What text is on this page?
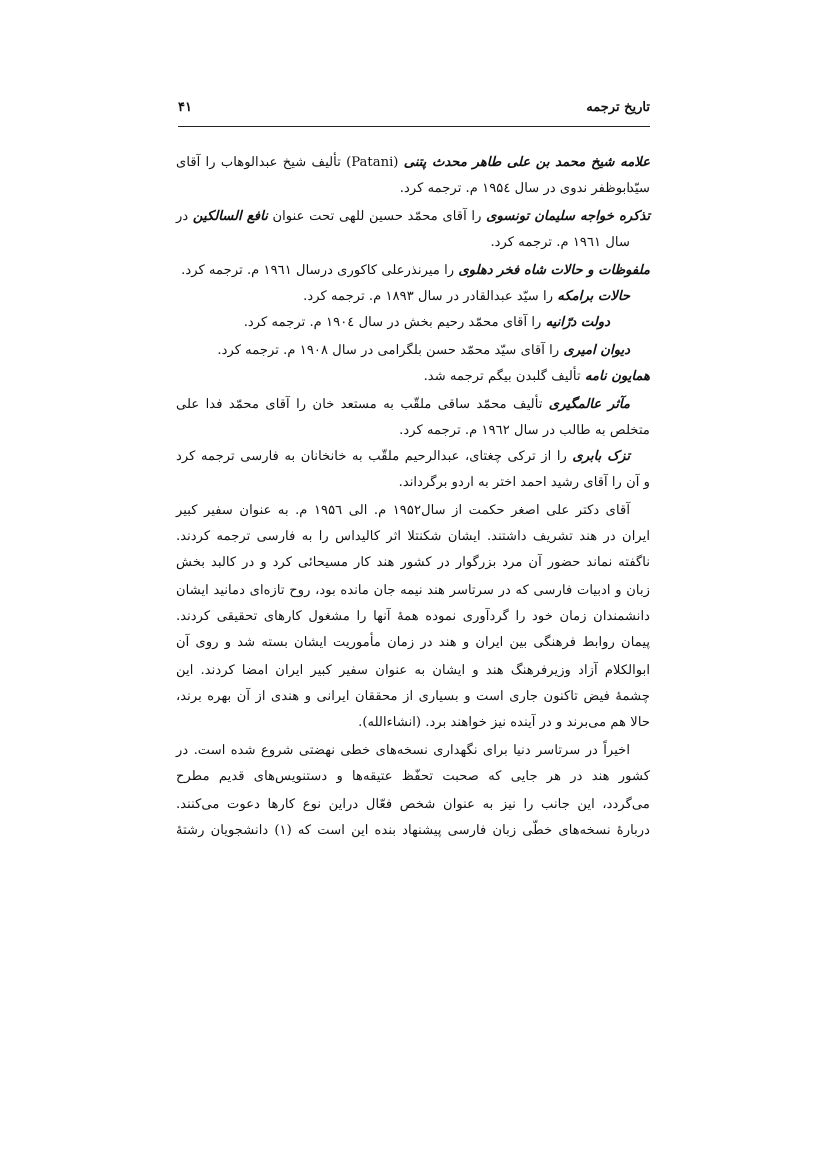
تاریخ ترجمه
۴۱
علامه شیخ محمد بن علی طاهر محدث پتنی (Patani) تألیف شیخ عبدالوهاب را آقای سیّد
ابوظفر ندوی در سال ۱۹۵٤ م. ترجمه کرد.
تذکره خواجه سلیمان تونسوی را آقای محمّد حسین للهی تحت عنوان نافع السالکین در
سال ۱۹٦۱ م. ترجمه کرد.
ملفوظات و حالات شاه فخر دهلوی را میرنذرعلی کاکوری درسال ۱۹٦۱ م. ترجمه کرد.
حالات برامکه را سیّد عبدالقادر در سال ۱۸۹۳ م. ترجمه کرد.
دولت درّانیه را آقای محمّد رحیم بخش در سال ۱۹۰٤ م. ترجمه کرد.
دیوان امیری را آقای سیّد محمّد حسن بلگرامی در سال ۱۹۰۸ م. ترجمه کرد.
همایون نامه تألیف گلبدن بیگم ترجمه شد.
مآثر عالمگیری تألیف محمّد ساقی ملقّب به مستعد خان را آقای محمّد فدا علی
متخلص به طالب در سال ۱۹٦۲ م. ترجمه کرد.
تزک بابری را از ترکی چغتای، عبدالرحیم ملقّب به خانخانان به فارسی ترجمه کرد
و آن را آقای رشید احمد اختر به اردو برگرداند.
آقای دکتر علی اصغر حکمت از سال۱۹۵۲ م. الی ۱۹۵٦ م. به عنوان سفیر کبیر
ایران در هند تشریف داشتند. ایشان شکنتلا اثر کالیداس را به فارسی ترجمه کردند.
ناگفته نماند حضور آن مرد بزرگوار در کشور هند کار مسیحائی کرد و در کالبد بخش
زبان و ادبیات فارسی که در سرتاسر هند نیمه جان مانده بود، روح تازه‌ای دمانید ایشان
دانشمندان زمان خود را گردآوری نموده همهٔ آنها را مشغول کارهای تحقیقی کردند.
پیمان روابط فرهنگی بین ایران و هند در زمان مأموریت ایشان بسته شد و روی آن
ابوالکلام آزاد وزیرفرهنگ هند و ایشان به عنوان سفیر کبیر ایران امضا کردند. این
چشمهٔ فیض تاکنون جاری است و بسیاری از محققان ایرانی و هندی از آن بهره برند،
حالا هم می‌برند و در آینده نیز خواهند برد. (انشاءالله).
اخیراً در سرتاسر دنیا برای نگهداری نسخه‌های خطی نهضتی شروع شده است. در
کشور هند در هر جایی که صحبت تحفّظ عتیقه‌ها و دستنویس‌های قدیم مطرح
می‌گردد، این جانب را نیز به عنوان شخص فعّال دراین نوع کارها دعوت می‌کنند.
دربارهٔ نسخه‌های خطّی زبان فارسی پیشنهاد بنده این است که (۱) دانشجویان رشتهٔ
